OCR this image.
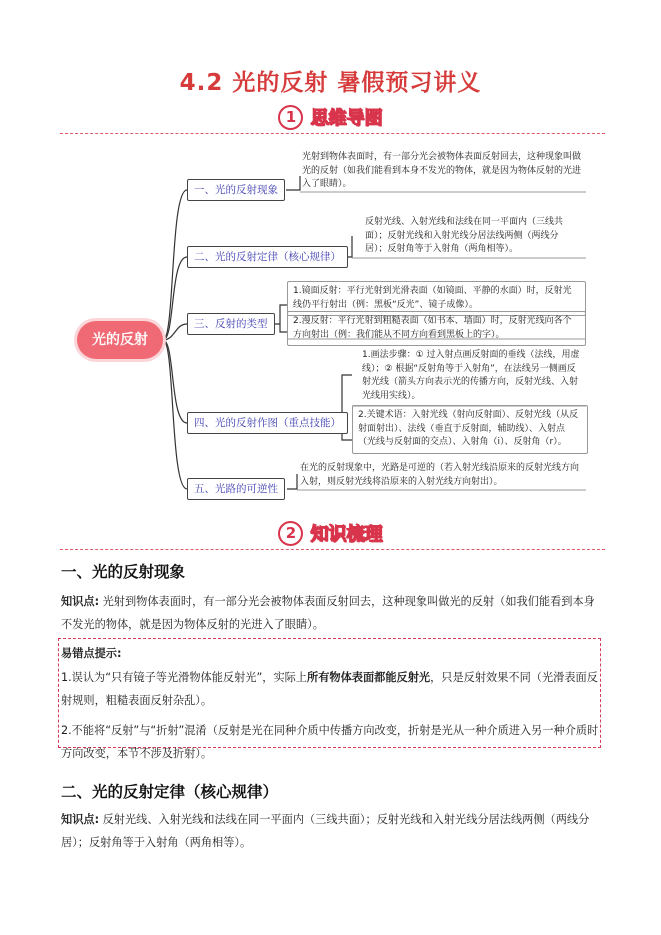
4.2 光的反射 暑假预习讲义
1 思维导图
光的反射
一、光的反射现象
二、光的反射定律（核心规律）
三、反射的类型
四、光的反射作图（重点技能）
五、光路的可逆性
光射到物体表面时，有一部分光会被物体表面反射回去，这种现象叫做光的反射（如我们能看到本身不发光的物体，就是因为物体反射的光进入了眼睛）。
反射光线、入射光线和法线在同一平面内（三线共面）；反射光线和入射光线分居法线两侧（两线分居）；反射角等于入射角（两角相等）。
1.镜面反射：平行光射到光滑表面（如镜面、平静的水面）时，反射光线仍平行射出（例：黑板“反光”、镜子成像）。
2.漫反射：平行光射到粗糙表面（如书本、墙面）时，反射光线向各个方向射出（例：我们能从不同方向看到黑板上的字）。
1.画法步骤：① 过入射点画反射面的垂线（法线，用虚线）；② 根据“反射角等于入射角”，在法线另一侧画反射光线（箭头方向表示光的传播方向，反射光线、入射光线用实线）。
2.关键术语：入射光线（射向反射面）、反射光线（从反射面射出）、法线（垂直于反射面，辅助线）、入射点（光线与反射面的交点）、入射角（i）、反射角（r）。
在光的反射现象中，光路是可逆的（若入射光线沿原来的反射光线方向入射，则反射光线将沿原来的入射光线方向射出）。
2 知识梳理
一、光的反射现象
知识点: 光射到物体表面时，有一部分光会被物体表面反射回去，这种现象叫做光的反射（如我们能看到本身不发光的物体，就是因为物体反射的光进入了眼睛）。
易错点提示:
1.误认为“只有镜子等光滑物体能反射光”，实际上所有物体表面都能反射光，只是反射效果不同（光滑表面反射规则，粗糙表面反射杂乱）。
2.不能将“反射”与“折射”混淆（反射是光在同种介质中传播方向改变，折射是光从一种介质进入另一种介质时方向改变，本节不涉及折射）。
二、光的反射定律（核心规律）
知识点: 反射光线、入射光线和法线在同一平面内（三线共面）；反射光线和入射光线分居法线两侧（两线分居）；反射角等于入射角（两角相等）。
